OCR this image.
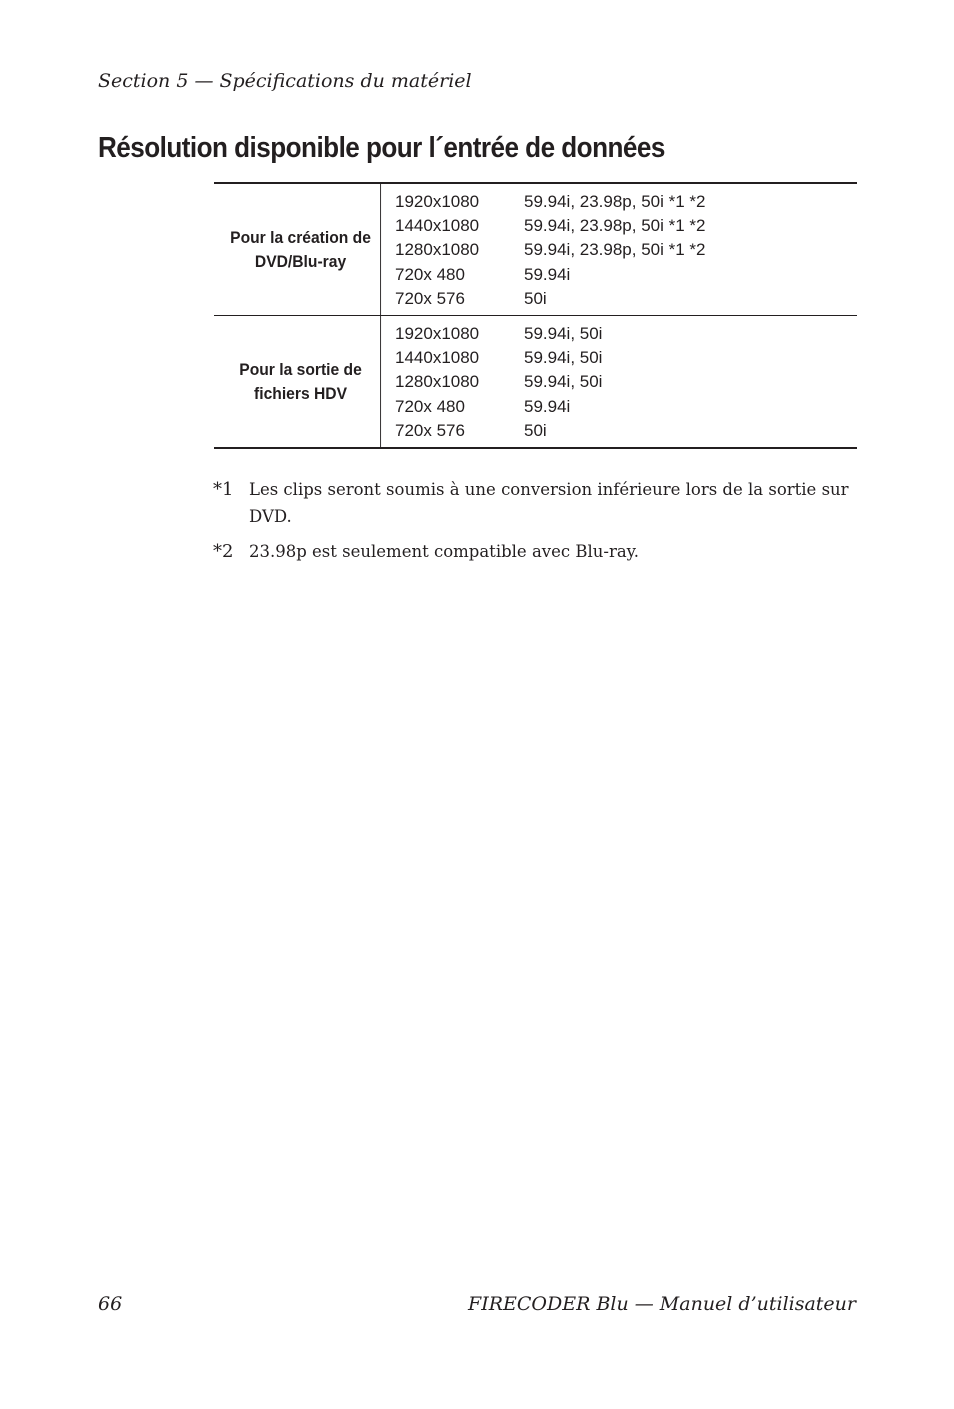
Section 5 — Spécifications du matériel
Résolution disponible pour l´entrée de données
Pour la création de
DVD/Blu-ray
1920x1080	59.94i, 23.98p, 50i *1 *2
1440x1080	59.94i, 23.98p, 50i *1 *2
1280x1080	59.94i, 23.98p, 50i *1 *2
720x 480	59.94i
720x 576	50i
Pour la sortie de
fichiers HDV
1920x1080	59.94i, 50i
1440x1080	59.94i, 50i
1280x1080	59.94i, 50i
720x 480	59.94i
720x 576	50i
*1 Les clips seront soumis à une conversion inférieure lors de la sortie sur DVD.
*2 23.98p est seulement compatible avec Blu-ray.
66	FIRECODER Blu — Manuel d’utilisateur
